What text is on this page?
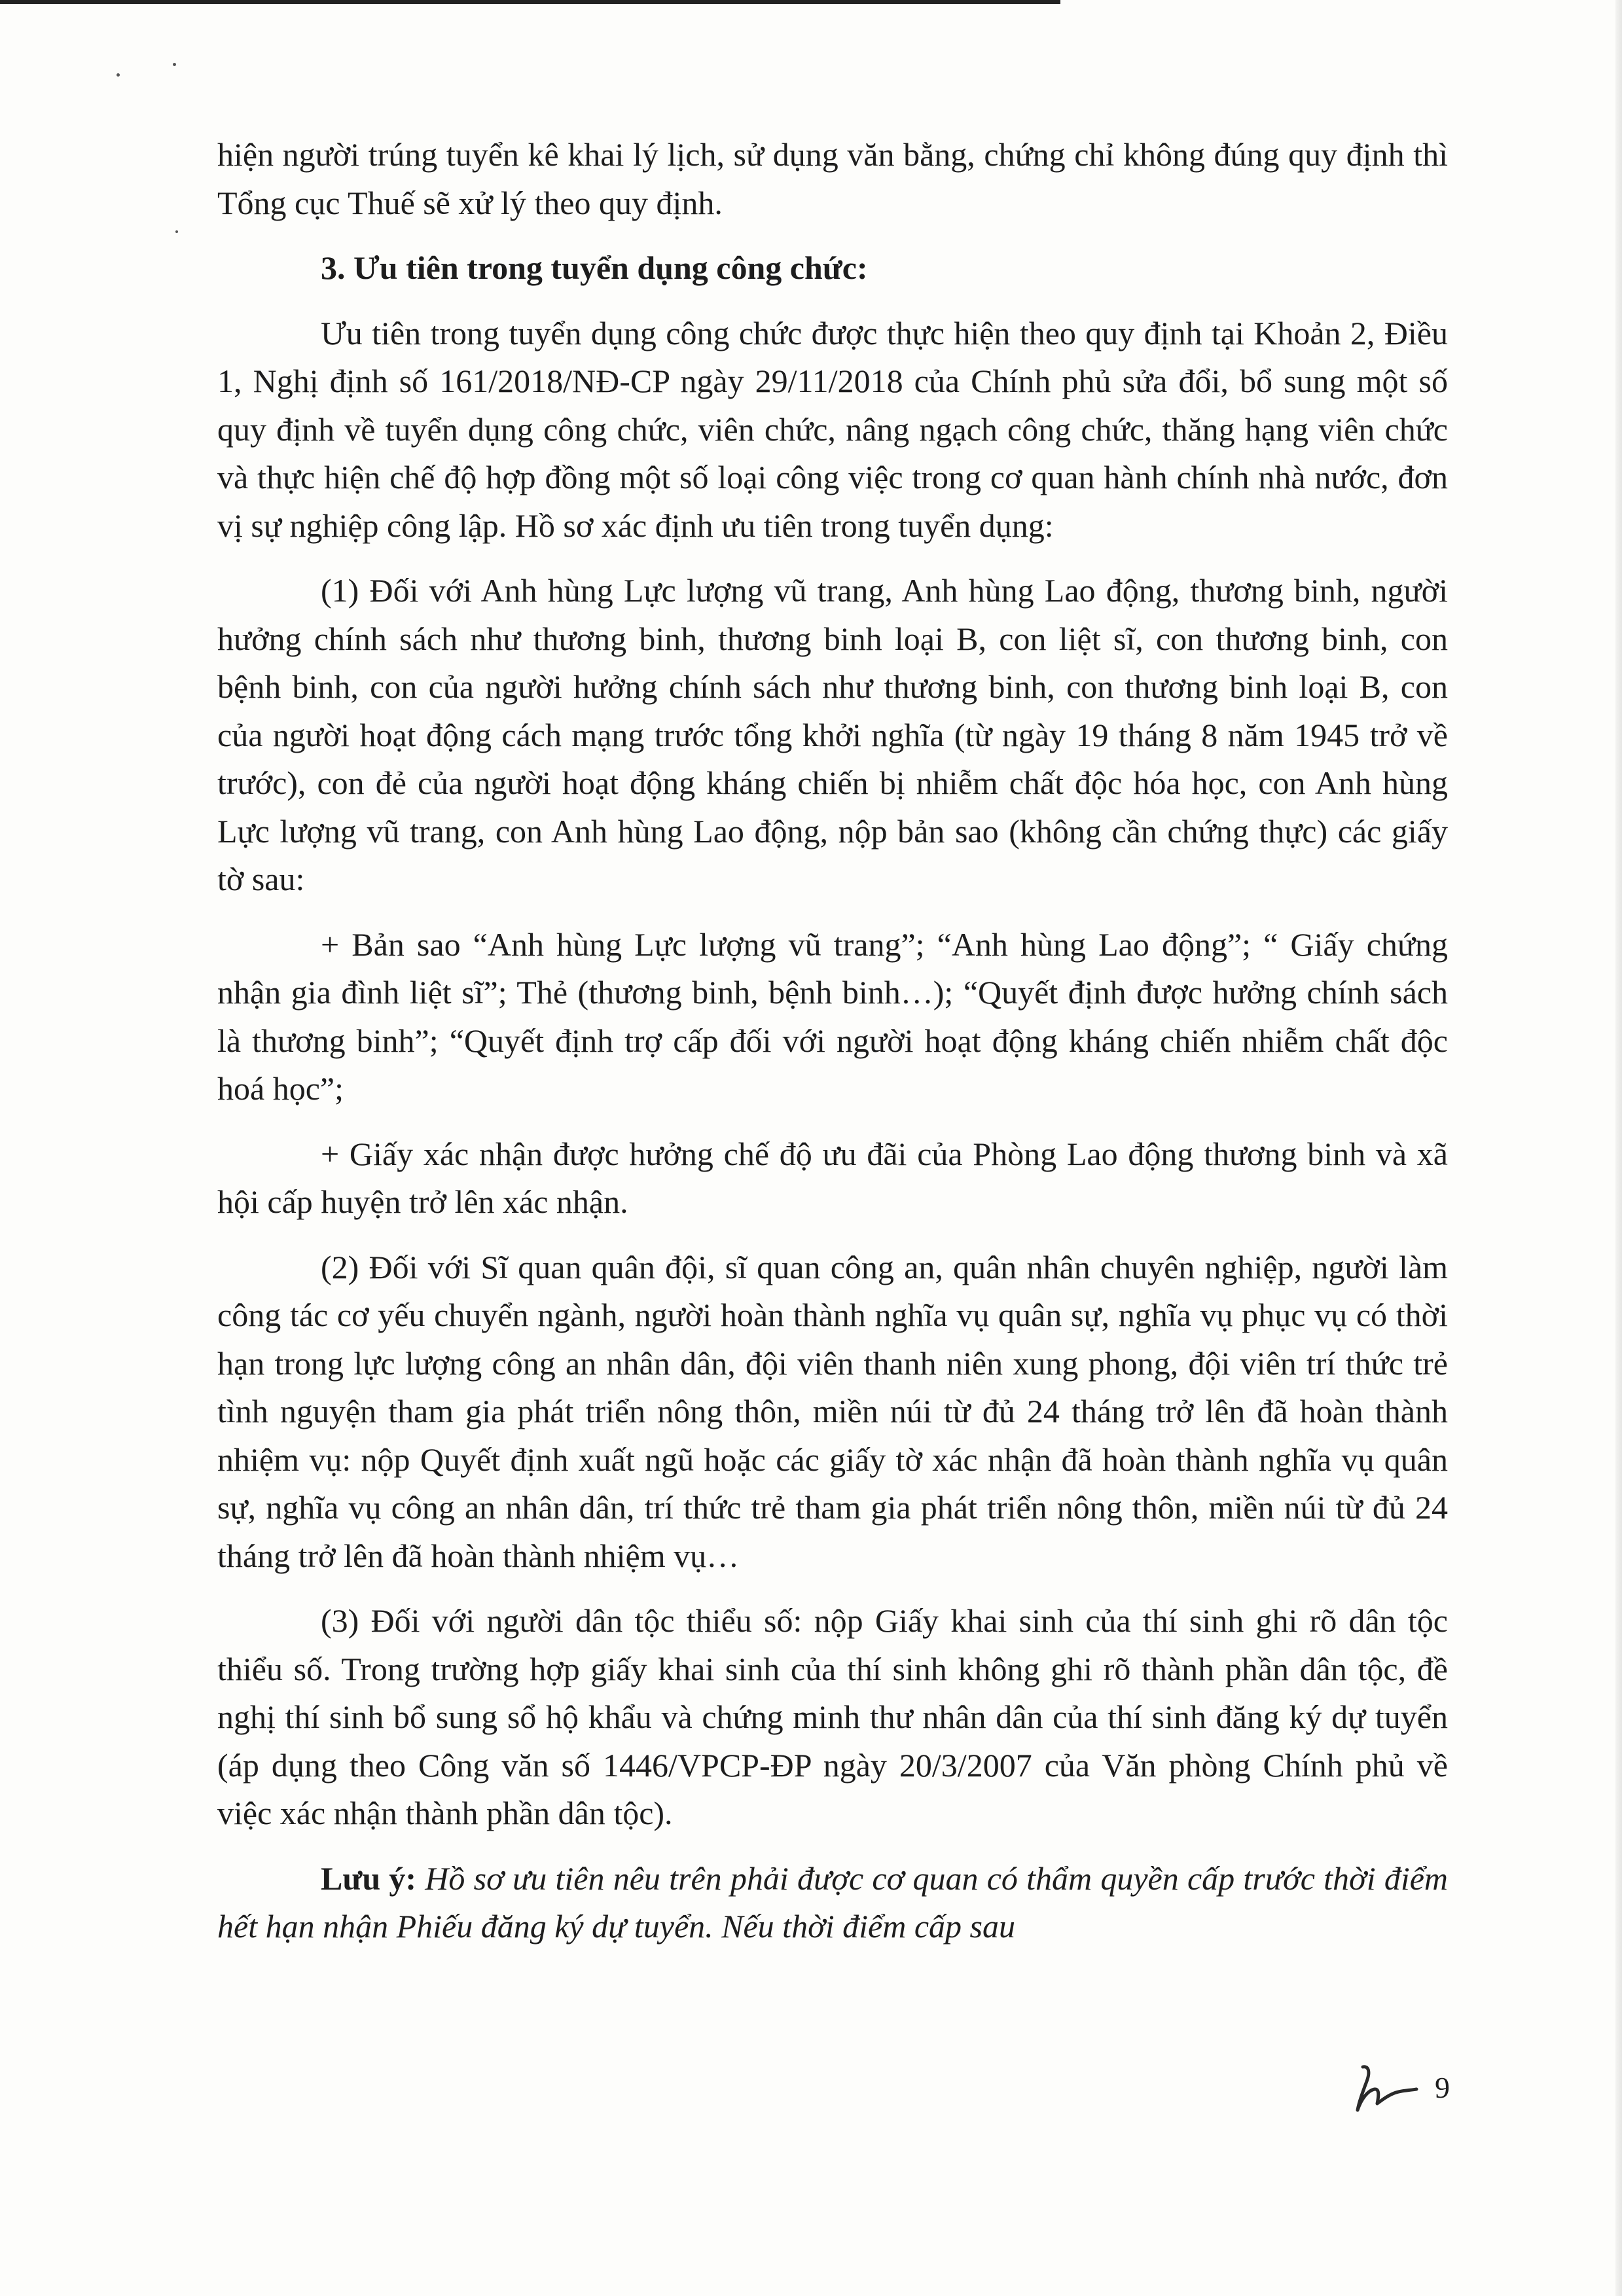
hiện người trúng tuyển kê khai lý lịch, sử dụng văn bằng, chứng chỉ không đúng quy định thì Tổng cục Thuế sẽ xử lý theo quy định.

3. Ưu tiên trong tuyển dụng công chức:

Ưu tiên trong tuyển dụng công chức được thực hiện theo quy định tại Khoản 2, Điều 1, Nghị định số 161/2018/NĐ-CP ngày 29/11/2018 của Chính phủ sửa đổi, bổ sung một số quy định về tuyển dụng công chức, viên chức, nâng ngạch công chức, thăng hạng viên chức và thực hiện chế độ hợp đồng một số loại công việc trong cơ quan hành chính nhà nước, đơn vị sự nghiệp công lập. Hồ sơ xác định ưu tiên trong tuyển dụng:

(1) Đối với Anh hùng Lực lượng vũ trang, Anh hùng Lao động, thương binh, người hưởng chính sách như thương binh, thương binh loại B, con liệt sĩ, con thương binh, con bệnh binh, con của người hưởng chính sách như thương binh, con thương binh loại B, con của người hoạt động cách mạng trước tổng khởi nghĩa (từ ngày 19 tháng 8 năm 1945 trở về trước), con đẻ của người hoạt động kháng chiến bị nhiễm chất độc hóa học, con Anh hùng Lực lượng vũ trang, con Anh hùng Lao động, nộp bản sao (không cần chứng thực) các giấy tờ sau:

+ Bản sao “Anh hùng Lực lượng vũ trang”; “Anh hùng Lao động”; “ Giấy chứng nhận gia đình liệt sĩ”; Thẻ (thương binh, bệnh binh…); “Quyết định được hưởng chính sách là thương binh”; “Quyết định trợ cấp đối với người hoạt động kháng chiến nhiễm chất độc hoá học”;

+ Giấy xác nhận được hưởng chế độ ưu đãi của Phòng Lao động thương binh và xã hội cấp huyện trở lên xác nhận.

(2) Đối với Sĩ quan quân đội, sĩ quan công an, quân nhân chuyên nghiệp, người làm công tác cơ yếu chuyển ngành, người hoàn thành nghĩa vụ quân sự, nghĩa vụ phục vụ có thời hạn trong lực lượng công an nhân dân, đội viên thanh niên xung phong, đội viên trí thức trẻ tình nguyện tham gia phát triển nông thôn, miền núi từ đủ 24 tháng trở lên đã hoàn thành nhiệm vụ: nộp Quyết định xuất ngũ hoặc các giấy tờ xác nhận đã hoàn thành nghĩa vụ quân sự, nghĩa vụ công an nhân dân, trí thức trẻ tham gia phát triển nông thôn, miền núi từ đủ 24 tháng trở lên đã hoàn thành nhiệm vụ…

(3) Đối với người dân tộc thiểu số: nộp Giấy khai sinh của thí sinh ghi rõ dân tộc thiểu số. Trong trường hợp giấy khai sinh của thí sinh không ghi rõ thành phần dân tộc, đề nghị thí sinh bổ sung sổ hộ khẩu và chứng minh thư nhân dân của thí sinh đăng ký dự tuyển (áp dụng theo Công văn số 1446/VPCP-ĐP ngày 20/3/2007 của Văn phòng Chính phủ về việc xác nhận thành phần dân tộc).

Lưu ý: Hồ sơ ưu tiên nêu trên phải được cơ quan có thẩm quyền cấp trước thời điểm hết hạn nhận Phiếu đăng ký dự tuyển. Nếu thời điểm cấp sau

9
